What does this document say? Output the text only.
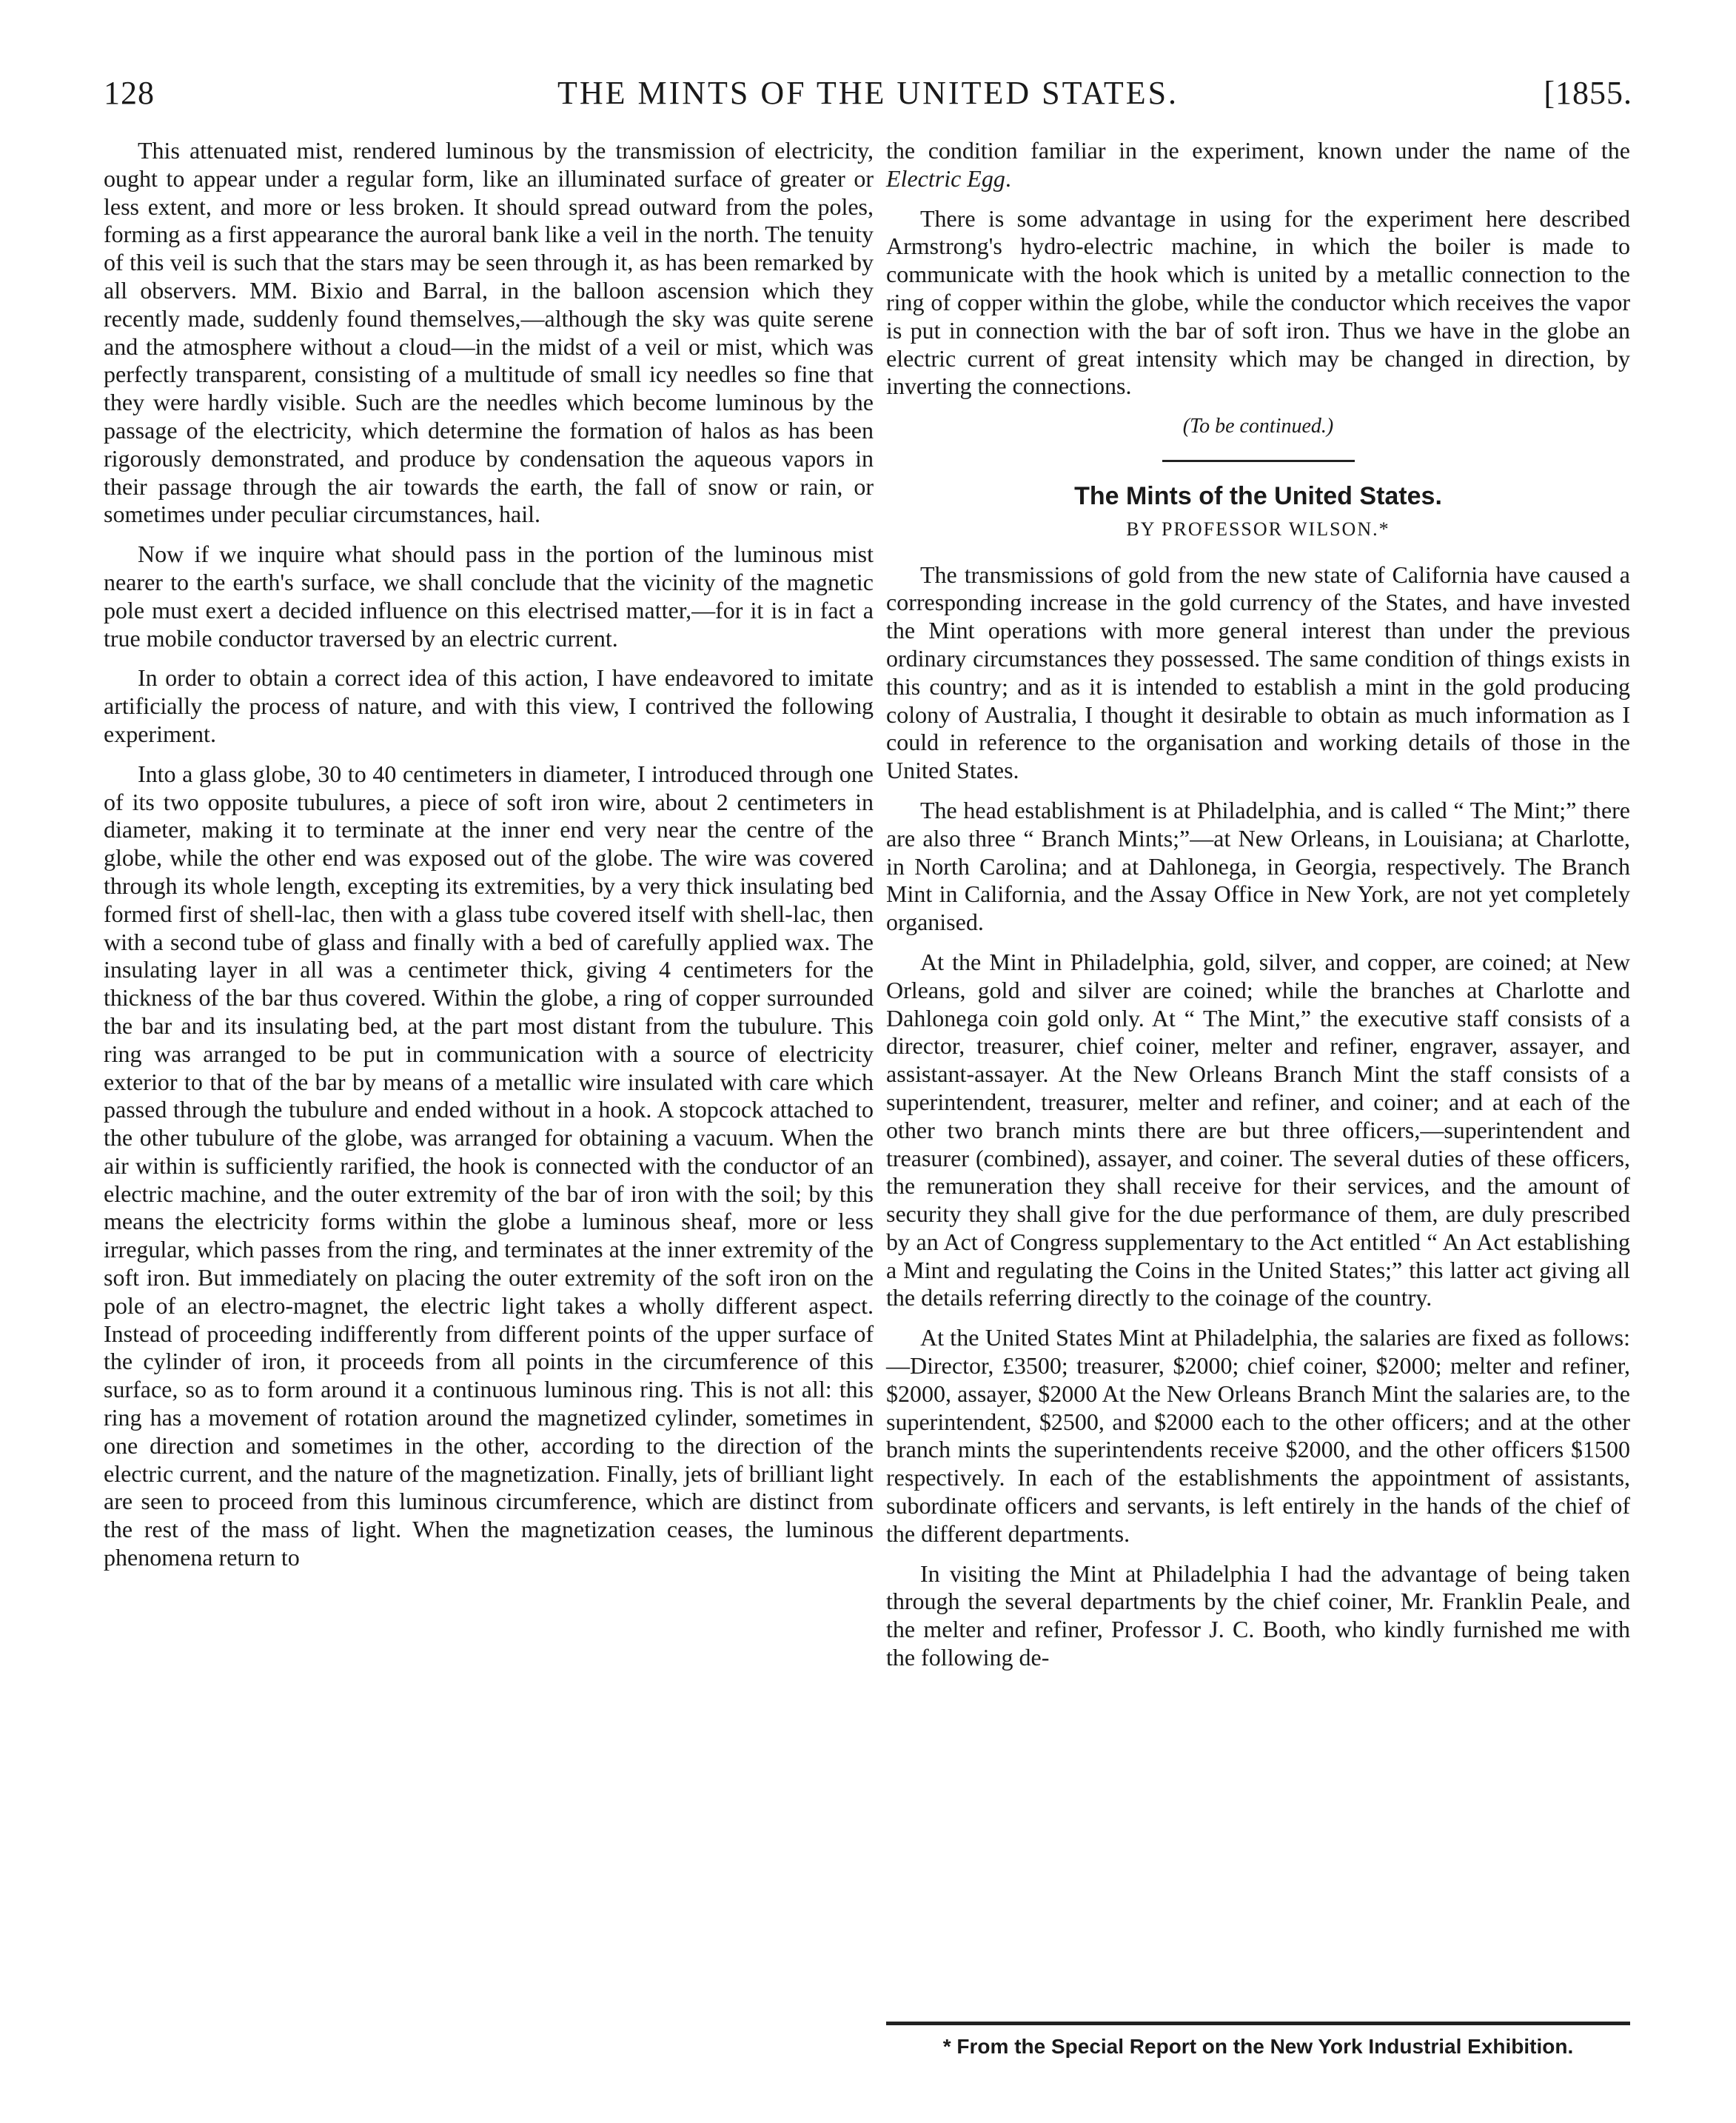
128	THE MINTS OF THE UNITED STATES.	[1855.

This attenuated mist, rendered luminous by the transmission of electricity, ought to appear under a regular form, like an illuminated surface of greater or less extent, and more or less broken. It should spread outward from the poles, forming as a first appearance the auroral bank like a veil in the north. The tenuity of this veil is such that the stars may be seen through it, as has been remarked by all observers. MM. Bixio and Barral, in the balloon ascension which they recently made, suddenly found themselves,—although the sky was quite serene and the atmosphere without a cloud—in the midst of a veil or mist, which was perfectly transparent, consisting of a multitude of small icy needles so fine that they were hardly visible. Such are the needles which become luminous by the passage of the electricity, which determine the formation of halos as has been rigorously demonstrated, and produce by condensation the aqueous vapors in their passage through the air towards the earth, the fall of snow or rain, or sometimes under peculiar circumstances, hail.

Now if we inquire what should pass in the portion of the luminous mist nearer to the earth's surface, we shall conclude that the vicinity of the magnetic pole must exert a decided influence on this electrised matter,—for it is in fact a true mobile conductor traversed by an electric current.

In order to obtain a correct idea of this action, I have endeavored to imitate artificially the process of nature, and with this view, I contrived the following experiment.

Into a glass globe, 30 to 40 centimeters in diameter, I introduced through one of its two opposite tubulures, a piece of soft iron wire, about 2 centimeters in diameter, making it to terminate at the inner end very near the centre of the globe, while the other end was exposed out of the globe. The wire was covered through its whole length, excepting its extremities, by a very thick insulating bed formed first of shell-lac, then with a glass tube covered itself with shell-lac, then with a second tube of glass and finally with a bed of carefully applied wax. The insulating layer in all was a centimeter thick, giving 4 centimeters for the thickness of the bar thus covered. Within the globe, a ring of copper surrounded the bar and its insulating bed, at the part most distant from the tubulure. This ring was arranged to be put in communication with a source of electricity exterior to that of the bar by means of a metallic wire insulated with care which passed through the tubulure and ended without in a hook. A stopcock attached to the other tubulure of the globe, was arranged for obtaining a vacuum. When the air within is sufficiently rarified, the hook is connected with the conductor of an electric machine, and the outer extremity of the bar of iron with the soil; by this means the electricity forms within the globe a luminous sheaf, more or less irregular, which passes from the ring, and terminates at the inner extremity of the soft iron. But immediately on placing the outer extremity of the soft iron on the pole of an electro-magnet, the electric light takes a wholly different aspect. Instead of proceeding indifferently from different points of the upper surface of the cylinder of iron, it proceeds from all points in the circumference of this surface, so as to form around it a continuous luminous ring. This is not all: this ring has a movement of rotation around the magnetized cylinder, sometimes in one direction and sometimes in the other, according to the direction of the electric current, and the nature of the magnetization. Finally, jets of brilliant light are seen to proceed from this luminous circumference, which are distinct from the rest of the mass of light. When the magnetization ceases, the luminous phenomena return to

the condition familiar in the experiment, known under the name of the Electric Egg.

There is some advantage in using for the experiment here described Armstrong's hydro-electric machine, in which the boiler is made to communicate with the hook which is united by a metallic connection to the ring of copper within the globe, while the conductor which receives the vapor is put in connection with the bar of soft iron. Thus we have in the globe an electric current of great intensity which may be changed in direction, by inverting the connections.

(To be continued.)
The Mints of the United States.
BY PROFESSOR WILSON.*

The transmissions of gold from the new state of California have caused a corresponding increase in the gold currency of the States, and have invested the Mint operations with more general interest than under the previous ordinary circumstances they possessed. The same condition of things exists in this country; and as it is intended to establish a mint in the gold producing colony of Australia, I thought it desirable to obtain as much information as I could in reference to the organisation and working details of those in the United States.

The head establishment is at Philadelphia, and is called “ The Mint;” there are also three “ Branch Mints;”—at New Orleans, in Louisiana; at Charlotte, in North Carolina; and at Dahlonega, in Georgia, respectively. The Branch Mint in California, and the Assay Office in New York, are not yet completely organised.

At the Mint in Philadelphia, gold, silver, and copper, are coined; at New Orleans, gold and silver are coined; while the branches at Charlotte and Dahlonega coin gold only. At “ The Mint,” the executive staff consists of a director, treasurer, chief coiner, melter and refiner, engraver, assayer, and assistant-assayer. At the New Orleans Branch Mint the staff consists of a superintendent, treasurer, melter and refiner, and coiner; and at each of the other two branch mints there are but three officers,—superintendent and treasurer (combined), assayer, and coiner. The several duties of these officers, the remuneration they shall receive for their services, and the amount of security they shall give for the due performance of them, are duly prescribed by an Act of Congress supplementary to the Act entitled “ An Act establishing a Mint and regulating the Coins in the United States;” this latter act giving all the details referring directly to the coinage of the country.

At the United States Mint at Philadelphia, the salaries are fixed as follows:—Director, £3500; treasurer, $2000; chief coiner, $2000; melter and refiner, $2000, assayer, $2000 At the New Orleans Branch Mint the salaries are, to the superintendent, $2500, and $2000 each to the other officers; and at the other branch mints the superintendents receive $2000, and the other officers $1500 respectively. In each of the establishments the appointment of assistants, subordinate officers and servants, is left entirely in the hands of the chief of the different departments.

In visiting the Mint at Philadelphia I had the advantage of being taken through the several departments by the chief coiner, Mr. Franklin Peale, and the melter and refiner, Professor J. C. Booth, who kindly furnished me with the following de-

* From the Special Report on the New York Industrial Exhibition.
